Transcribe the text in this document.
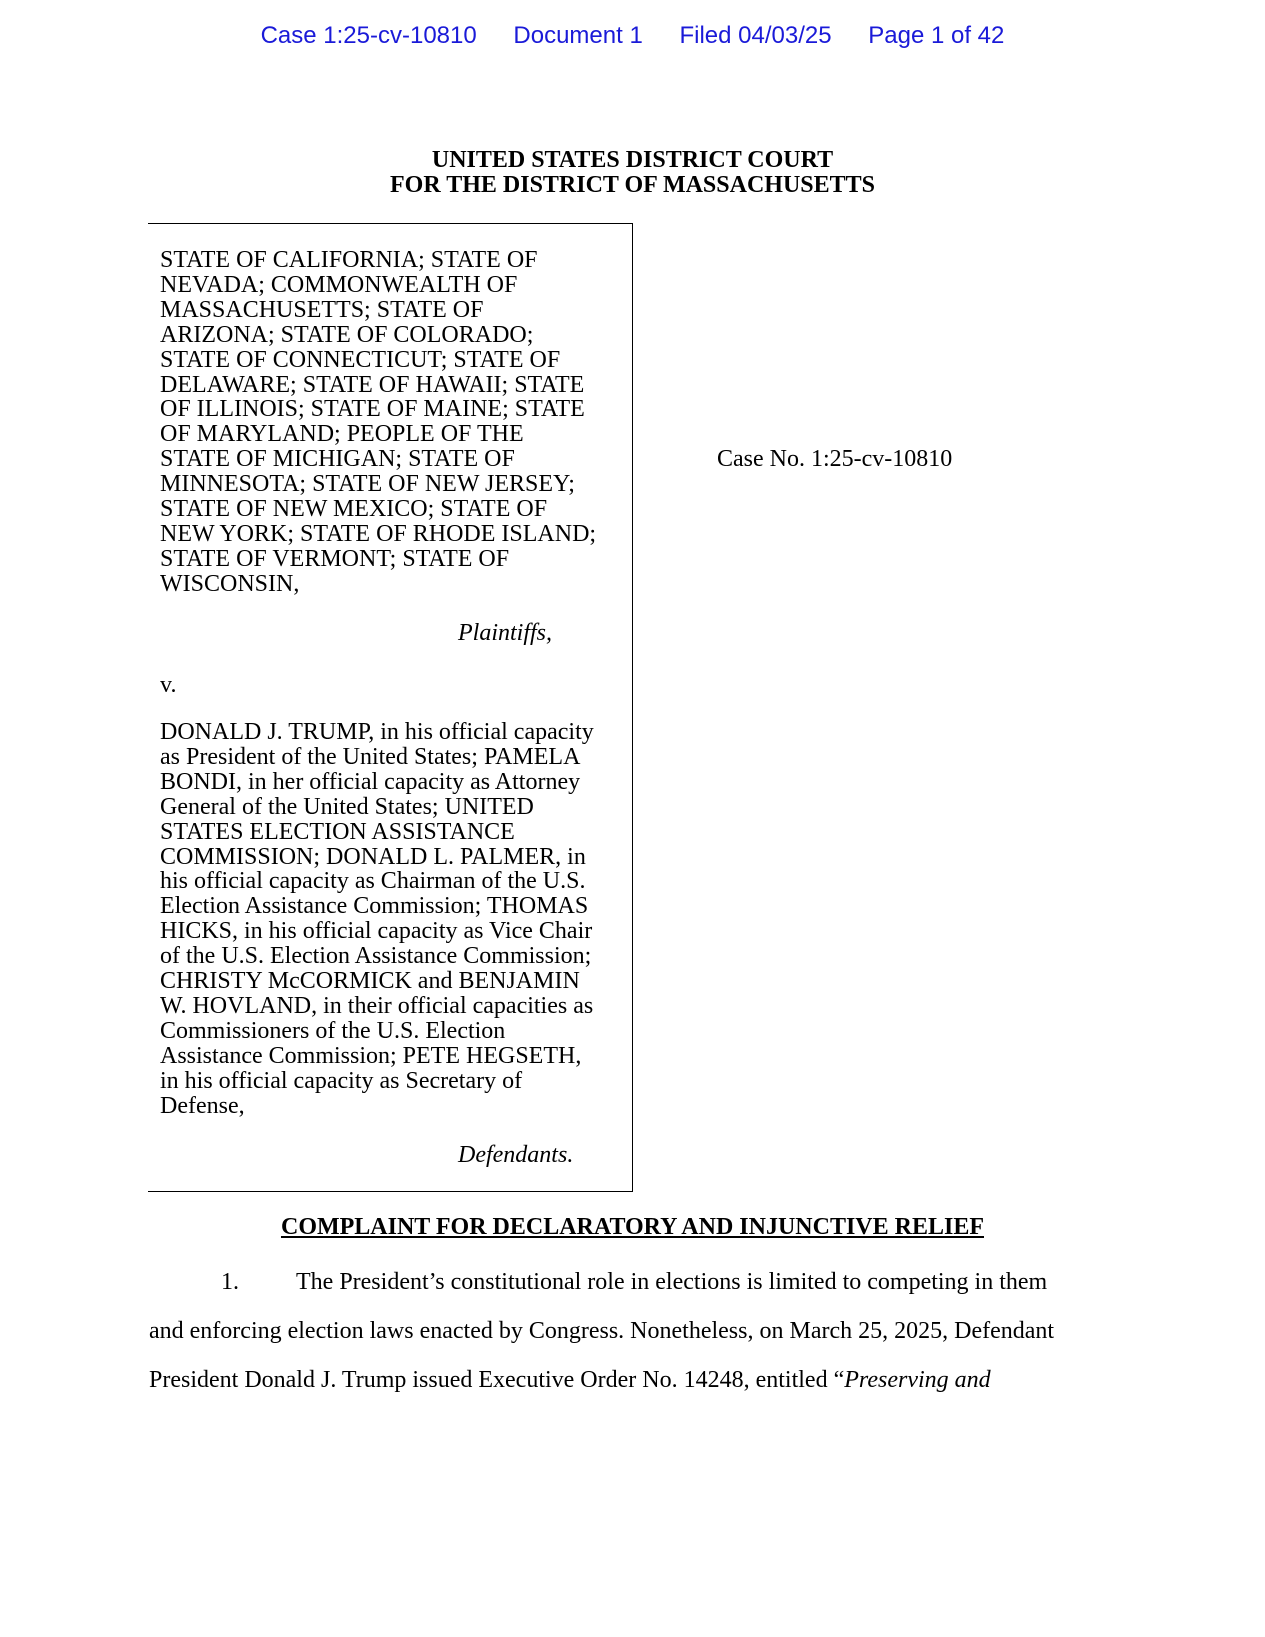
Case 1:25-cv-10810 Document 1 Filed 04/03/25 Page 1 of 42
UNITED STATES DISTRICT COURT
FOR THE DISTRICT OF MASSACHUSETTS
STATE OF CALIFORNIA; STATE OF
NEVADA; COMMONWEALTH OF
MASSACHUSETTS; STATE OF
ARIZONA; STATE OF COLORADO;
STATE OF CONNECTICUT; STATE OF
DELAWARE; STATE OF HAWAII; STATE
OF ILLINOIS; STATE OF MAINE; STATE
OF MARYLAND; PEOPLE OF THE
STATE OF MICHIGAN; STATE OF
MINNESOTA; STATE OF NEW JERSEY;
STATE OF NEW MEXICO; STATE OF
NEW YORK; STATE OF RHODE ISLAND;
STATE OF VERMONT; STATE OF
WISCONSIN,
Plaintiffs,
v.
DONALD J. TRUMP, in his official capacity
as President of the United States; PAMELA
BONDI, in her official capacity as Attorney
General of the United States; UNITED
STATES ELECTION ASSISTANCE
COMMISSION; DONALD L. PALMER, in
his official capacity as Chairman of the U.S.
Election Assistance Commission; THOMAS
HICKS, in his official capacity as Vice Chair
of the U.S. Election Assistance Commission;
CHRISTY McCORMICK and BENJAMIN
W. HOVLAND, in their official capacities as
Commissioners of the U.S. Election
Assistance Commission; PETE HEGSETH,
in his official capacity as Secretary of
Defense,
Defendants.
Case No. 1:25-cv-10810
COMPLAINT FOR DECLARATORY AND INJUNCTIVE RELIEF
1. The President’s constitutional role in elections is limited to competing in them
and enforcing election laws enacted by Congress. Nonetheless, on March 25, 2025, Defendant
President Donald J. Trump issued Executive Order No. 14248, entitled “Preserving and
